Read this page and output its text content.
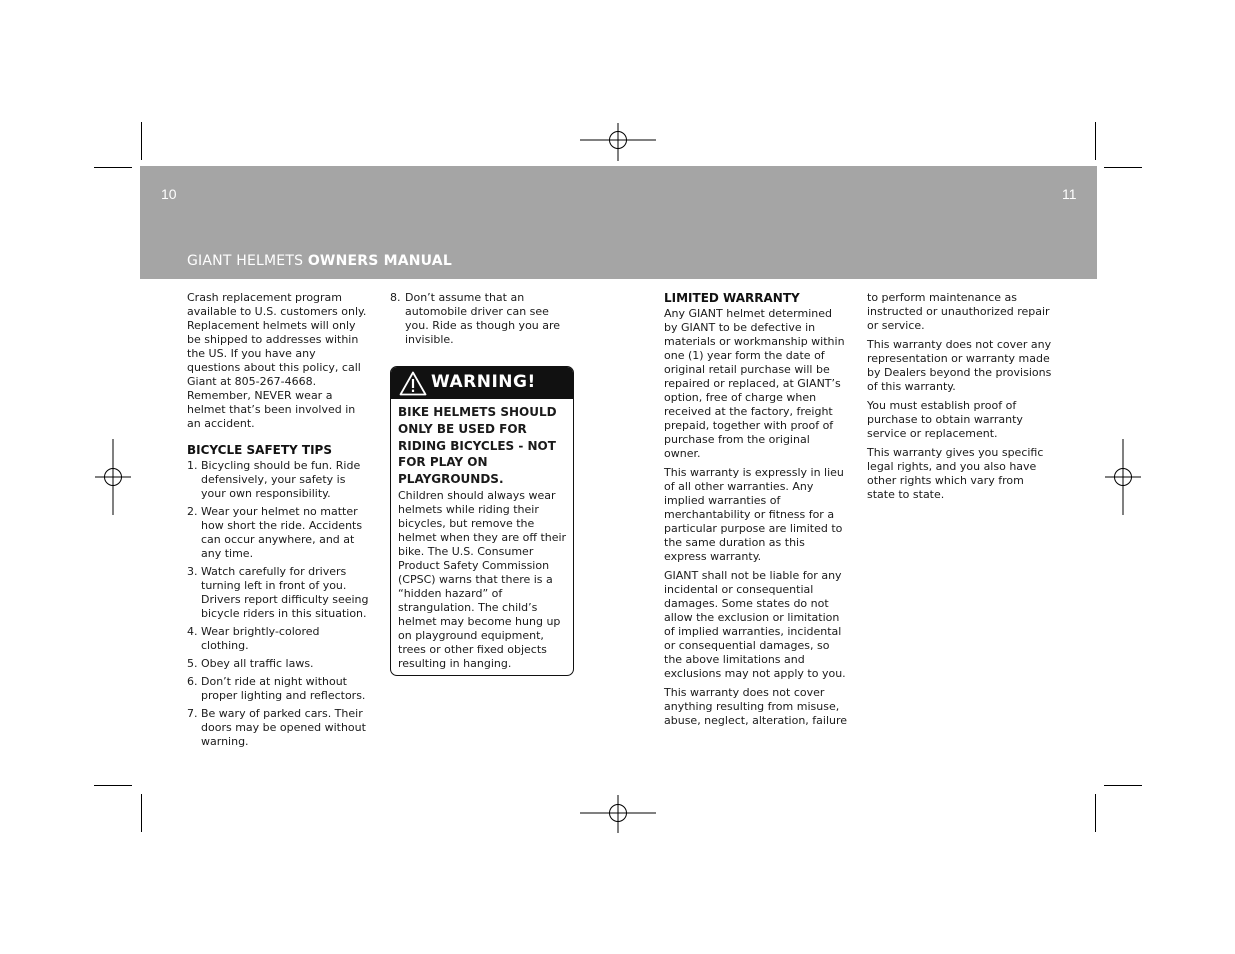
10	11
GIANT HELMETS OWNERS MANUAL

Crash replacement program available to U.S. customers only. Replacement helmets will only be shipped to addresses within the US. If you have any questions about this policy, call Giant at 805-267-4668. Remember, NEVER wear a helmet that’s been involved in an accident.

BICYCLE SAFETY TIPS
1. Bicycling should be fun. Ride defensively, your safety is your own responsibility.
2. Wear your helmet no matter how short the ride. Accidents can occur anywhere, and at any time.
3. Watch carefully for drivers turning left in front of you. Drivers report difficulty seeing bicycle riders in this situation.
4. Wear brightly-colored clothing.
5. Obey all traffic laws.
6. Don’t ride at night without proper lighting and reflectors.
7. Be wary of parked cars. Their doors may be opened without warning.
8. Don’t assume that an automobile driver can see you. Ride as though you are invisible.
WARNING!
BIKE HELMETS SHOULD ONLY BE USED FOR RIDING BICYCLES - NOT FOR PLAY ON PLAYGROUNDS.
Children should always wear helmets while riding their bicycles, but remove the helmet when they are off their bike. The U.S. Consumer Product Safety Commission (CPSC) warns that there is a “hidden hazard” of strangulation. The child’s helmet may become hung up on playground equipment, trees or other fixed objects resulting in hanging.
LIMITED WARRANTY

Any GIANT helmet determined by GIANT to be defective in materials or workmanship within one (1) year form the date of original retail purchase will be repaired or replaced, at GIANT’s option, free of charge when received at the factory, freight prepaid, together with proof of purchase from the original owner.

This warranty is expressly in lieu of all other warranties. Any implied warranties of merchantability or fitness for a particular purpose are limited to the same duration as this express warranty.

GIANT shall not be liable for any incidental or consequential damages. Some states do not allow the exclusion or limitation of implied warranties, incidental or consequential damages, so the above limitations and exclusions may not apply to you.

This warranty does not cover anything resulting from misuse, abuse, neglect, alteration, failure

to perform maintenance as instructed or unauthorized repair or service.

This warranty does not cover any representation or warranty made by Dealers beyond the provisions of this warranty.

You must establish proof of purchase to obtain warranty service or replacement.

This warranty gives you specific legal rights, and you also have other rights which vary from state to state.
